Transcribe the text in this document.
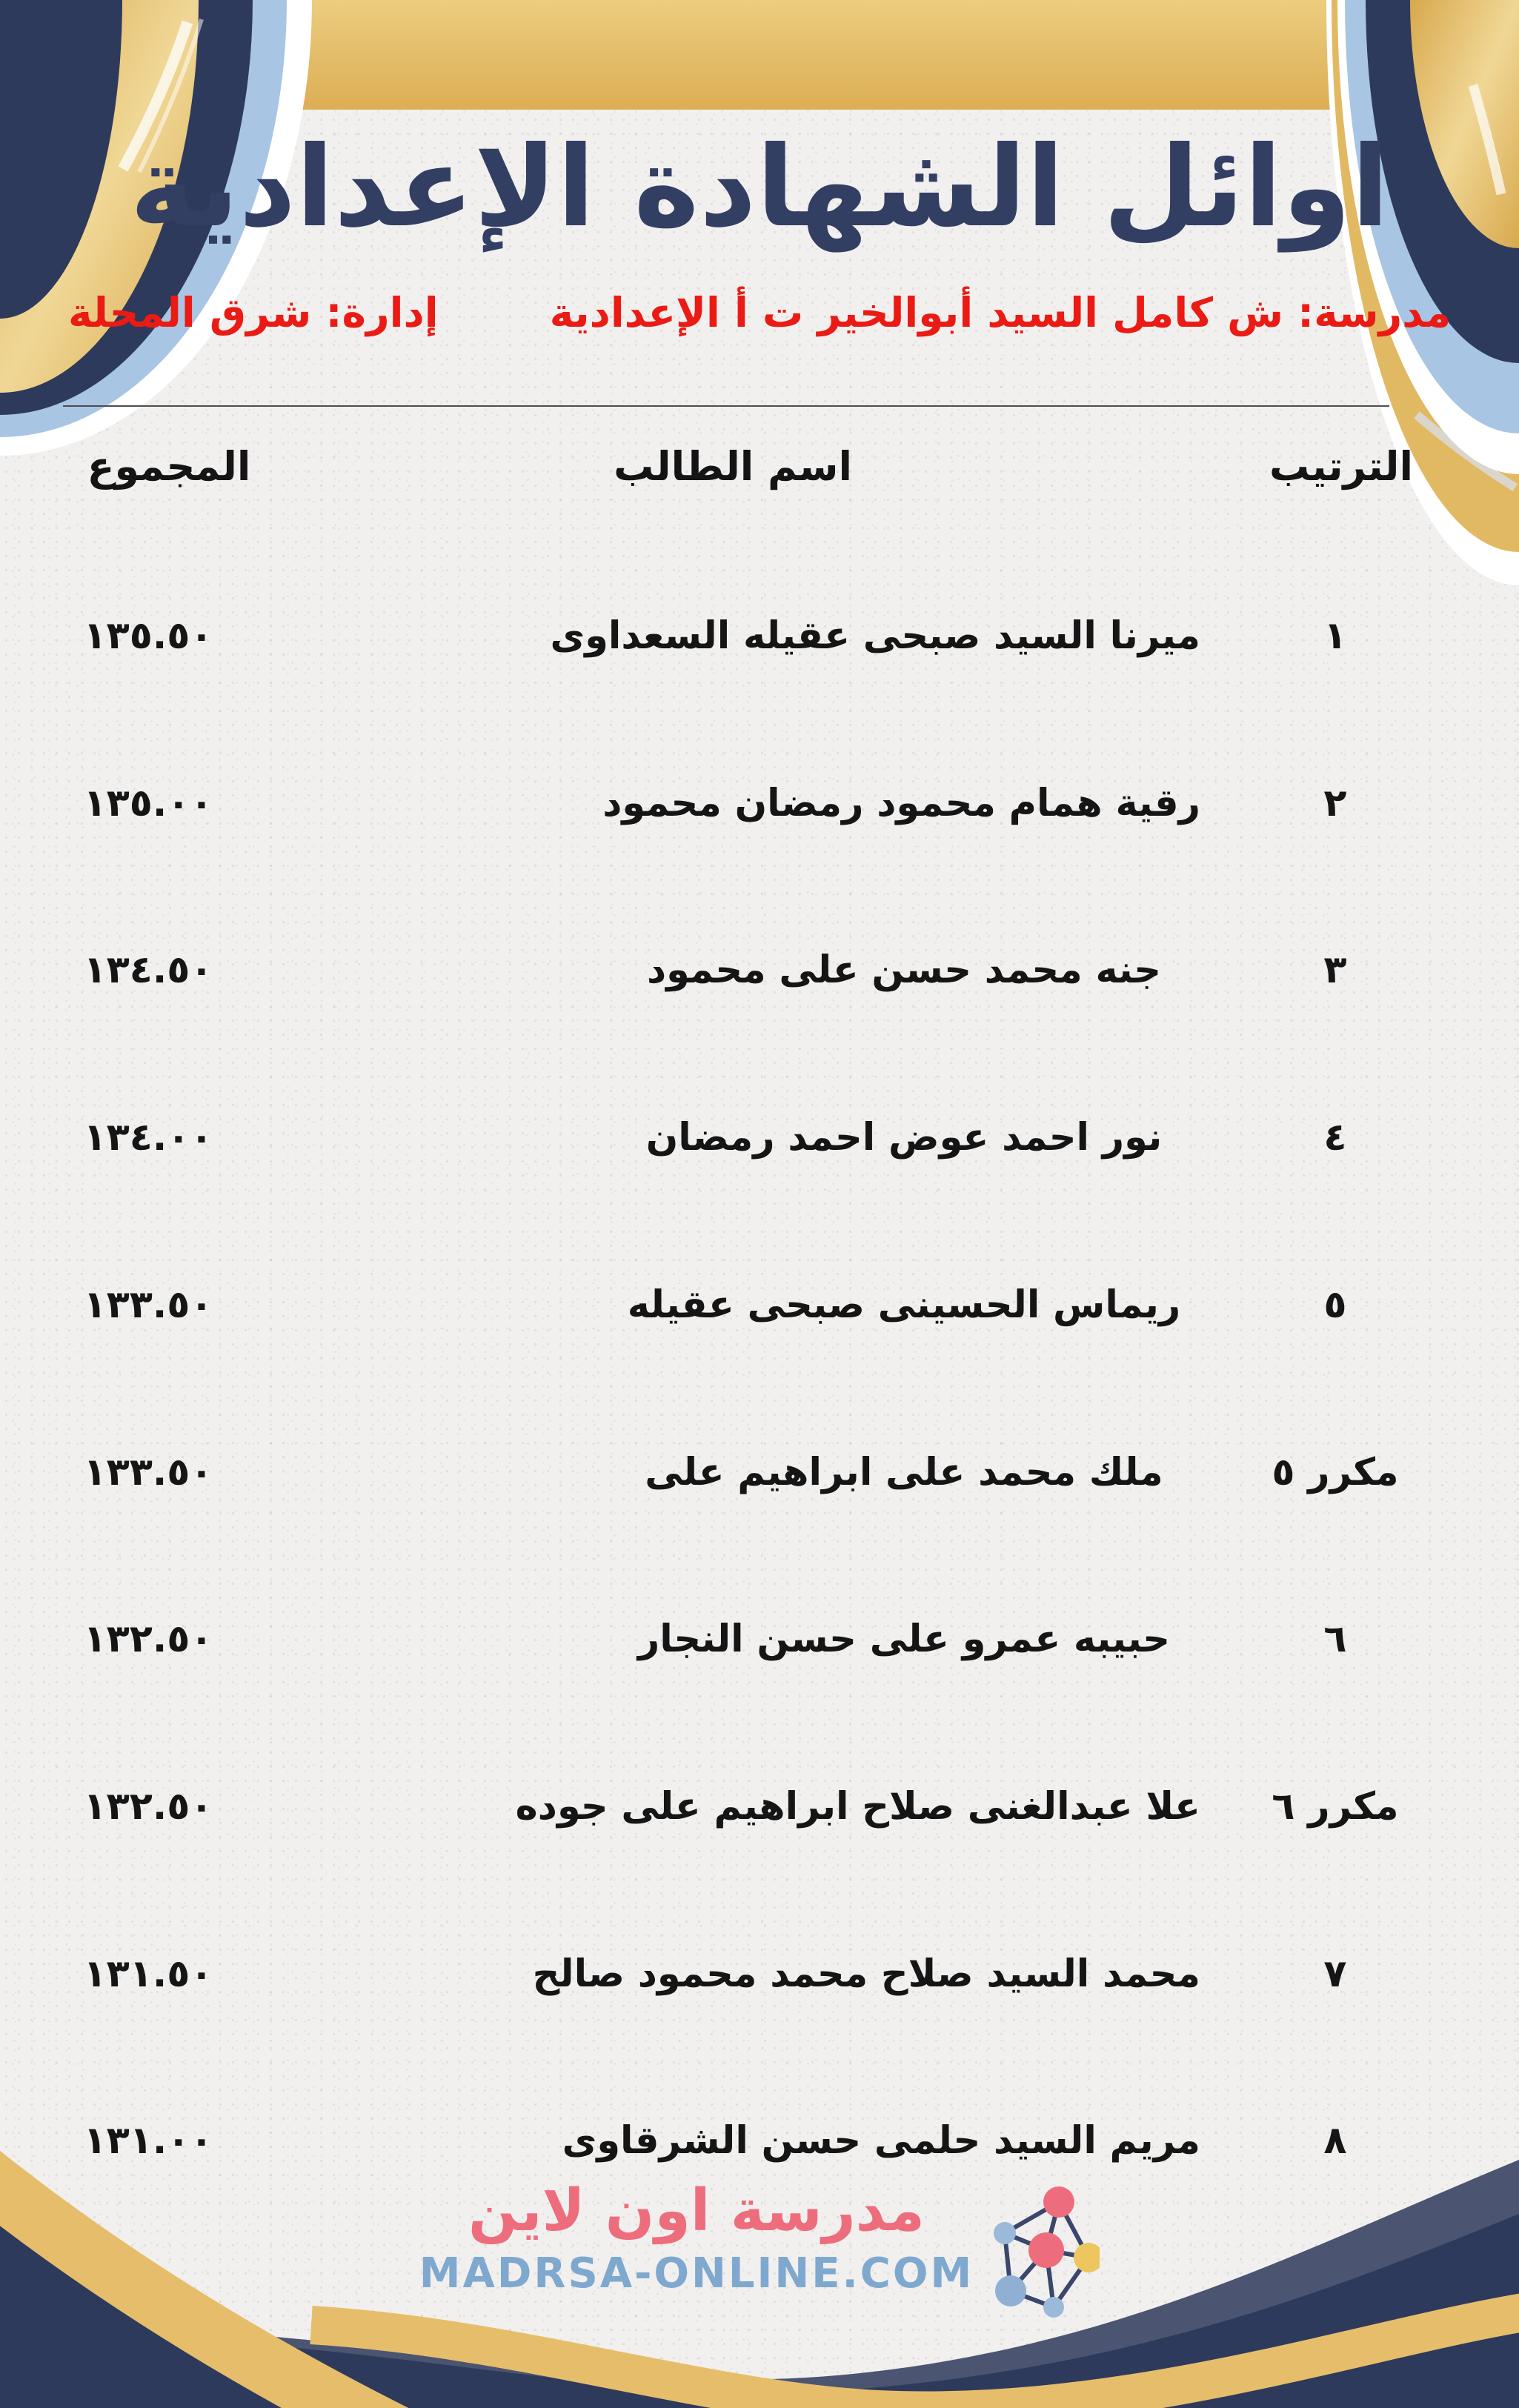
اوائل الشهادة الإعدادية
مدرسة: ش كامل السيد أبوالخير ت أ الإعدادية
إدارة: شرق المحلة
الترتيب
اسم الطالب
المجموع
١
ميرنا السيد صبحى عقيله السعداوى
١٣٥.٥٠
٢
رقية همام محمود رمضان محمود
١٣٥.٠٠
٣
جنه محمد حسن على محمود
١٣٤.٥٠
٤
نور احمد عوض احمد رمضان
١٣٤.٠٠
٥
ريماس الحسينى صبحى عقيله
١٣٣.٥٠
مكرر ٥
ملك محمد على ابراهيم على
١٣٣.٥٠
٦
حبيبه عمرو على حسن النجار
١٣٢.٥٠
مكرر ٦
علا عبدالغنى صلاح ابراهيم على جوده
١٣٢.٥٠
٧
محمد السيد صلاح محمد محمود صالح
١٣١.٥٠
٨
مريم السيد حلمى حسن الشرقاوى
١٣١.٠٠
مدرسة اون لاين
MADRSA-ONLINE.COM
